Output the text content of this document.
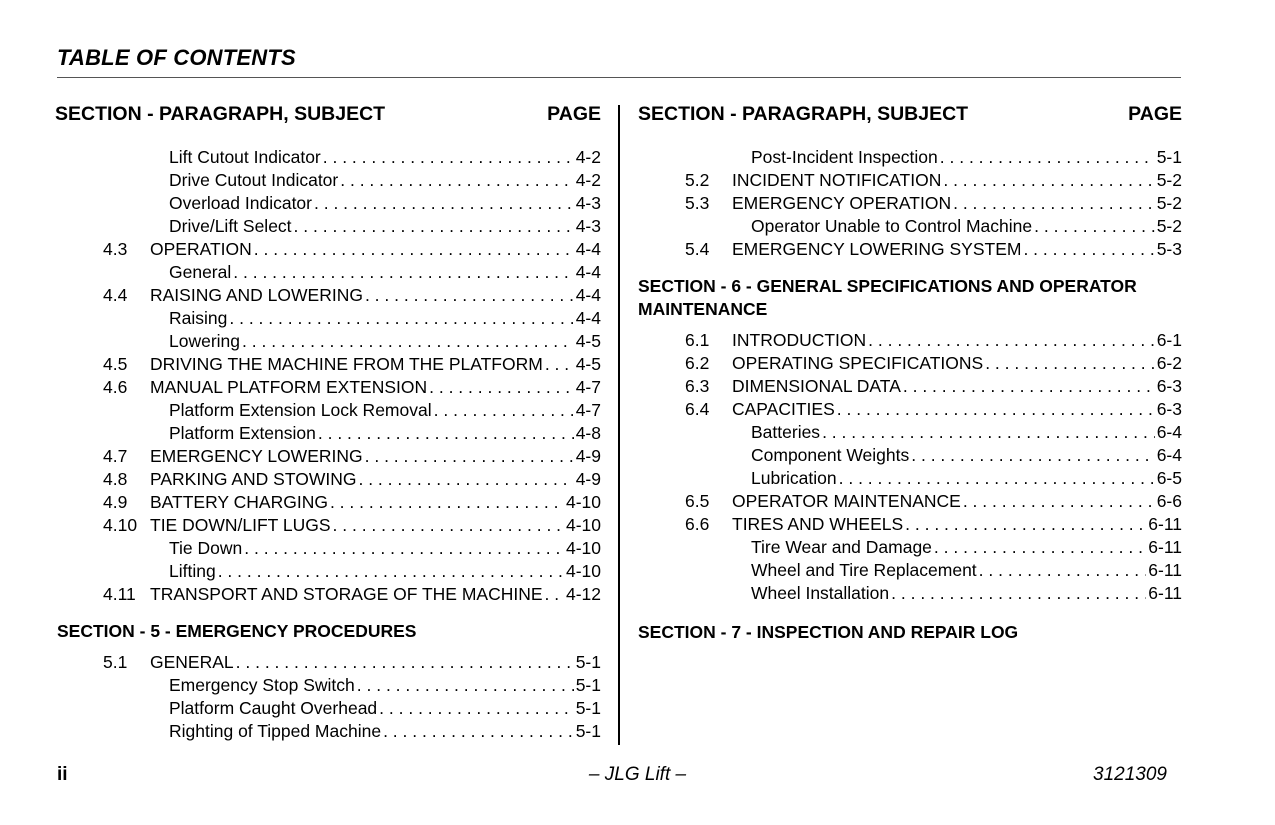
TABLE OF CONTENTS
SECTION - PARAGRAPH, SUBJECT	PAGE
Lift Cutout Indicator . . .	4-2
Drive Cutout Indicator . . .	4-2
Overload Indicator . . .	4-3
Drive/Lift Select . . .	4-3
4.3 OPERATION . . .	4-4
General . . .	4-4
4.4 RAISING AND LOWERING . . .	4-4
Raising . . .	4-4
Lowering . . .	4-5
4.5 DRIVING THE MACHINE FROM THE PLATFORM . . . 4-5
4.6 MANUAL PLATFORM EXTENSION . . .	4-7
Platform Extension Lock Removal . . .	4-7
Platform Extension . . .	4-8
4.7 EMERGENCY LOWERING . . .	4-9
4.8 PARKING AND STOWING . . .	4-9
4.9 BATTERY CHARGING . . .	4-10
4.10 TIE DOWN/LIFT LUGS . . .	4-10
Tie Down . . .	4-10
Lifting . . .	4-10
4.11 TRANSPORT AND STORAGE OF THE MACHINE . . . 4-12
SECTION - 5 - EMERGENCY PROCEDURES
5.1 GENERAL . . .	5-1
Emergency Stop Switch . . .	5-1
Platform Caught Overhead . . .	5-1
Righting of Tipped Machine . . .	5-1
SECTION - PARAGRAPH, SUBJECT	PAGE
Post-Incident Inspection . . .	5-1
5.2 INCIDENT NOTIFICATION . . .	5-2
5.3 EMERGENCY OPERATION . . .	5-2
Operator Unable to Control Machine . . .	5-2
5.4 EMERGENCY LOWERING SYSTEM . . .	5-3
SECTION - 6 - GENERAL SPECIFICATIONS AND OPERATOR MAINTENANCE
6.1 INTRODUCTION . . .	6-1
6.2 OPERATING SPECIFICATIONS . . .	6-2
6.3 DIMENSIONAL DATA . . .	6-3
6.4 CAPACITIES . . .	6-3
Batteries . . .	6-4
Component Weights . . .	6-4
Lubrication . . .	6-5
6.5 OPERATOR MAINTENANCE . . .	6-6
6.6 TIRES AND WHEELS . . .	6-11
Tire Wear and Damage . . .	6-11
Wheel and Tire Replacement . . .	6-11
Wheel Installation . . .	6-11
SECTION - 7 - INSPECTION AND REPAIR LOG
ii	– JLG Lift –	3121309
